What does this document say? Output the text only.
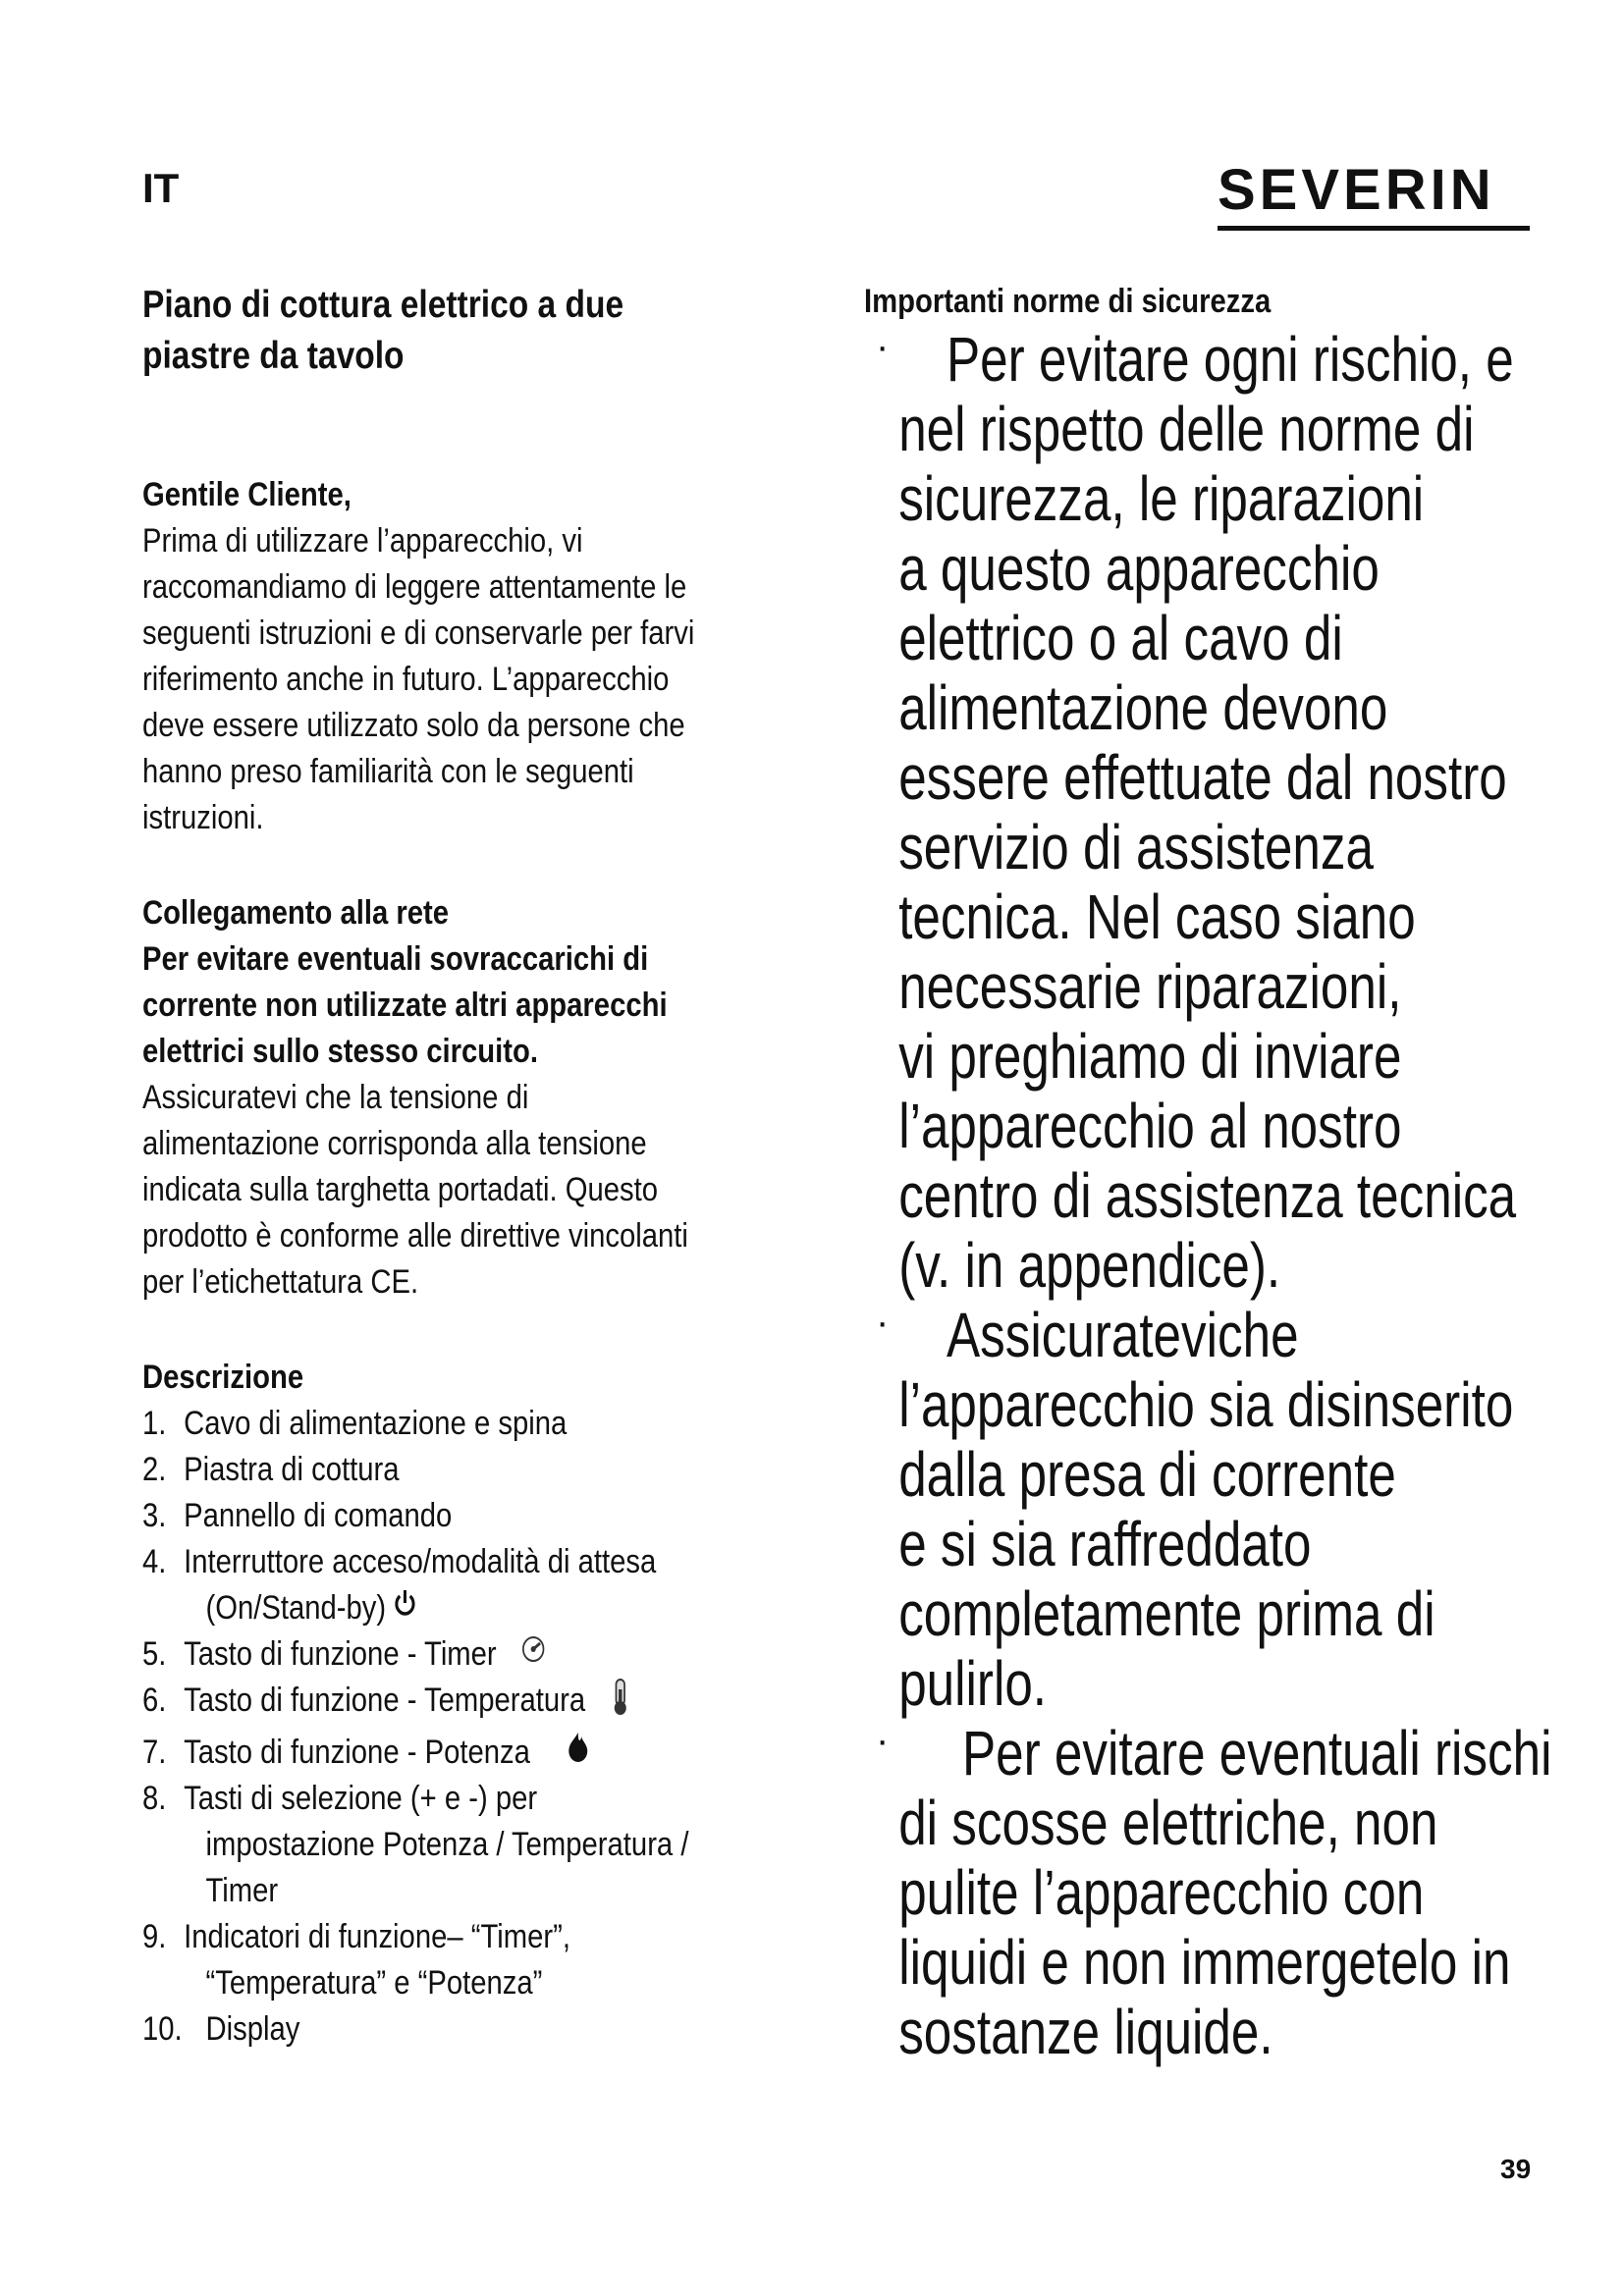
IT	SEVERIN

Piano di cottura elettrico a due

piastre da tavolo

Gentile Cliente,

Prima di utilizzare l’apparecchio, vi

raccomandiamo di leggere attentamente le

seguenti istruzioni e di conservarle per farvi

riferimento anche in futuro. L’apparecchio

deve essere utilizzato solo da persone che

hanno preso familiarità con le seguenti

istruzioni.

Collegamento alla rete

Per evitare eventuali sovraccarichi di

corrente non utilizzate altri apparecchi

elettrici sullo stesso circuito.

Assicuratevi che la tensione di

alimentazione corrisponda alla tensione

indicata sulla targhetta portadati. Questo

prodotto è conforme alle direttive vincolanti

per l’etichettatura CE.

Descrizione

1. Cavo di alimentazione e spina
2. Piastra di cottura
3. Pannello di comando
4. Interruttore acceso/modalità di attesa
(On/Stand-by)
5. Tasto di funzione - Timer
6. Tasto di funzione - Temperatura
7. Tasto di funzione - Potenza
8. Tasti di selezione (+ e -) per
impostazione Potenza / Temperatura /
Timer
9. Indicatori di funzione– “Timer”,
“Temperatura” e “Potenza”
10. Display

Importanti norme di sicurezza

· Per evitare ogni rischio, e

nel rispetto delle norme di

sicurezza, le riparazioni

a questo apparecchio

elettrico o al cavo di

alimentazione devono

essere effettuate dal nostro

servizio di assistenza

tecnica. Nel caso siano

necessarie riparazioni,

vi preghiamo di inviare

l’apparecchio al nostro

centro di assistenza tecnica

(v. in appendice).

· Assicurateviche

l’apparecchio sia disinserito

dalla presa di corrente

e si sia raffreddato

completamente prima di

pulirlo.

·	Per evitare eventuali rischi

di scosse elettriche, non

pulite l’apparecchio con

liquidi e non immergetelo in

sostanze liquide.

39
